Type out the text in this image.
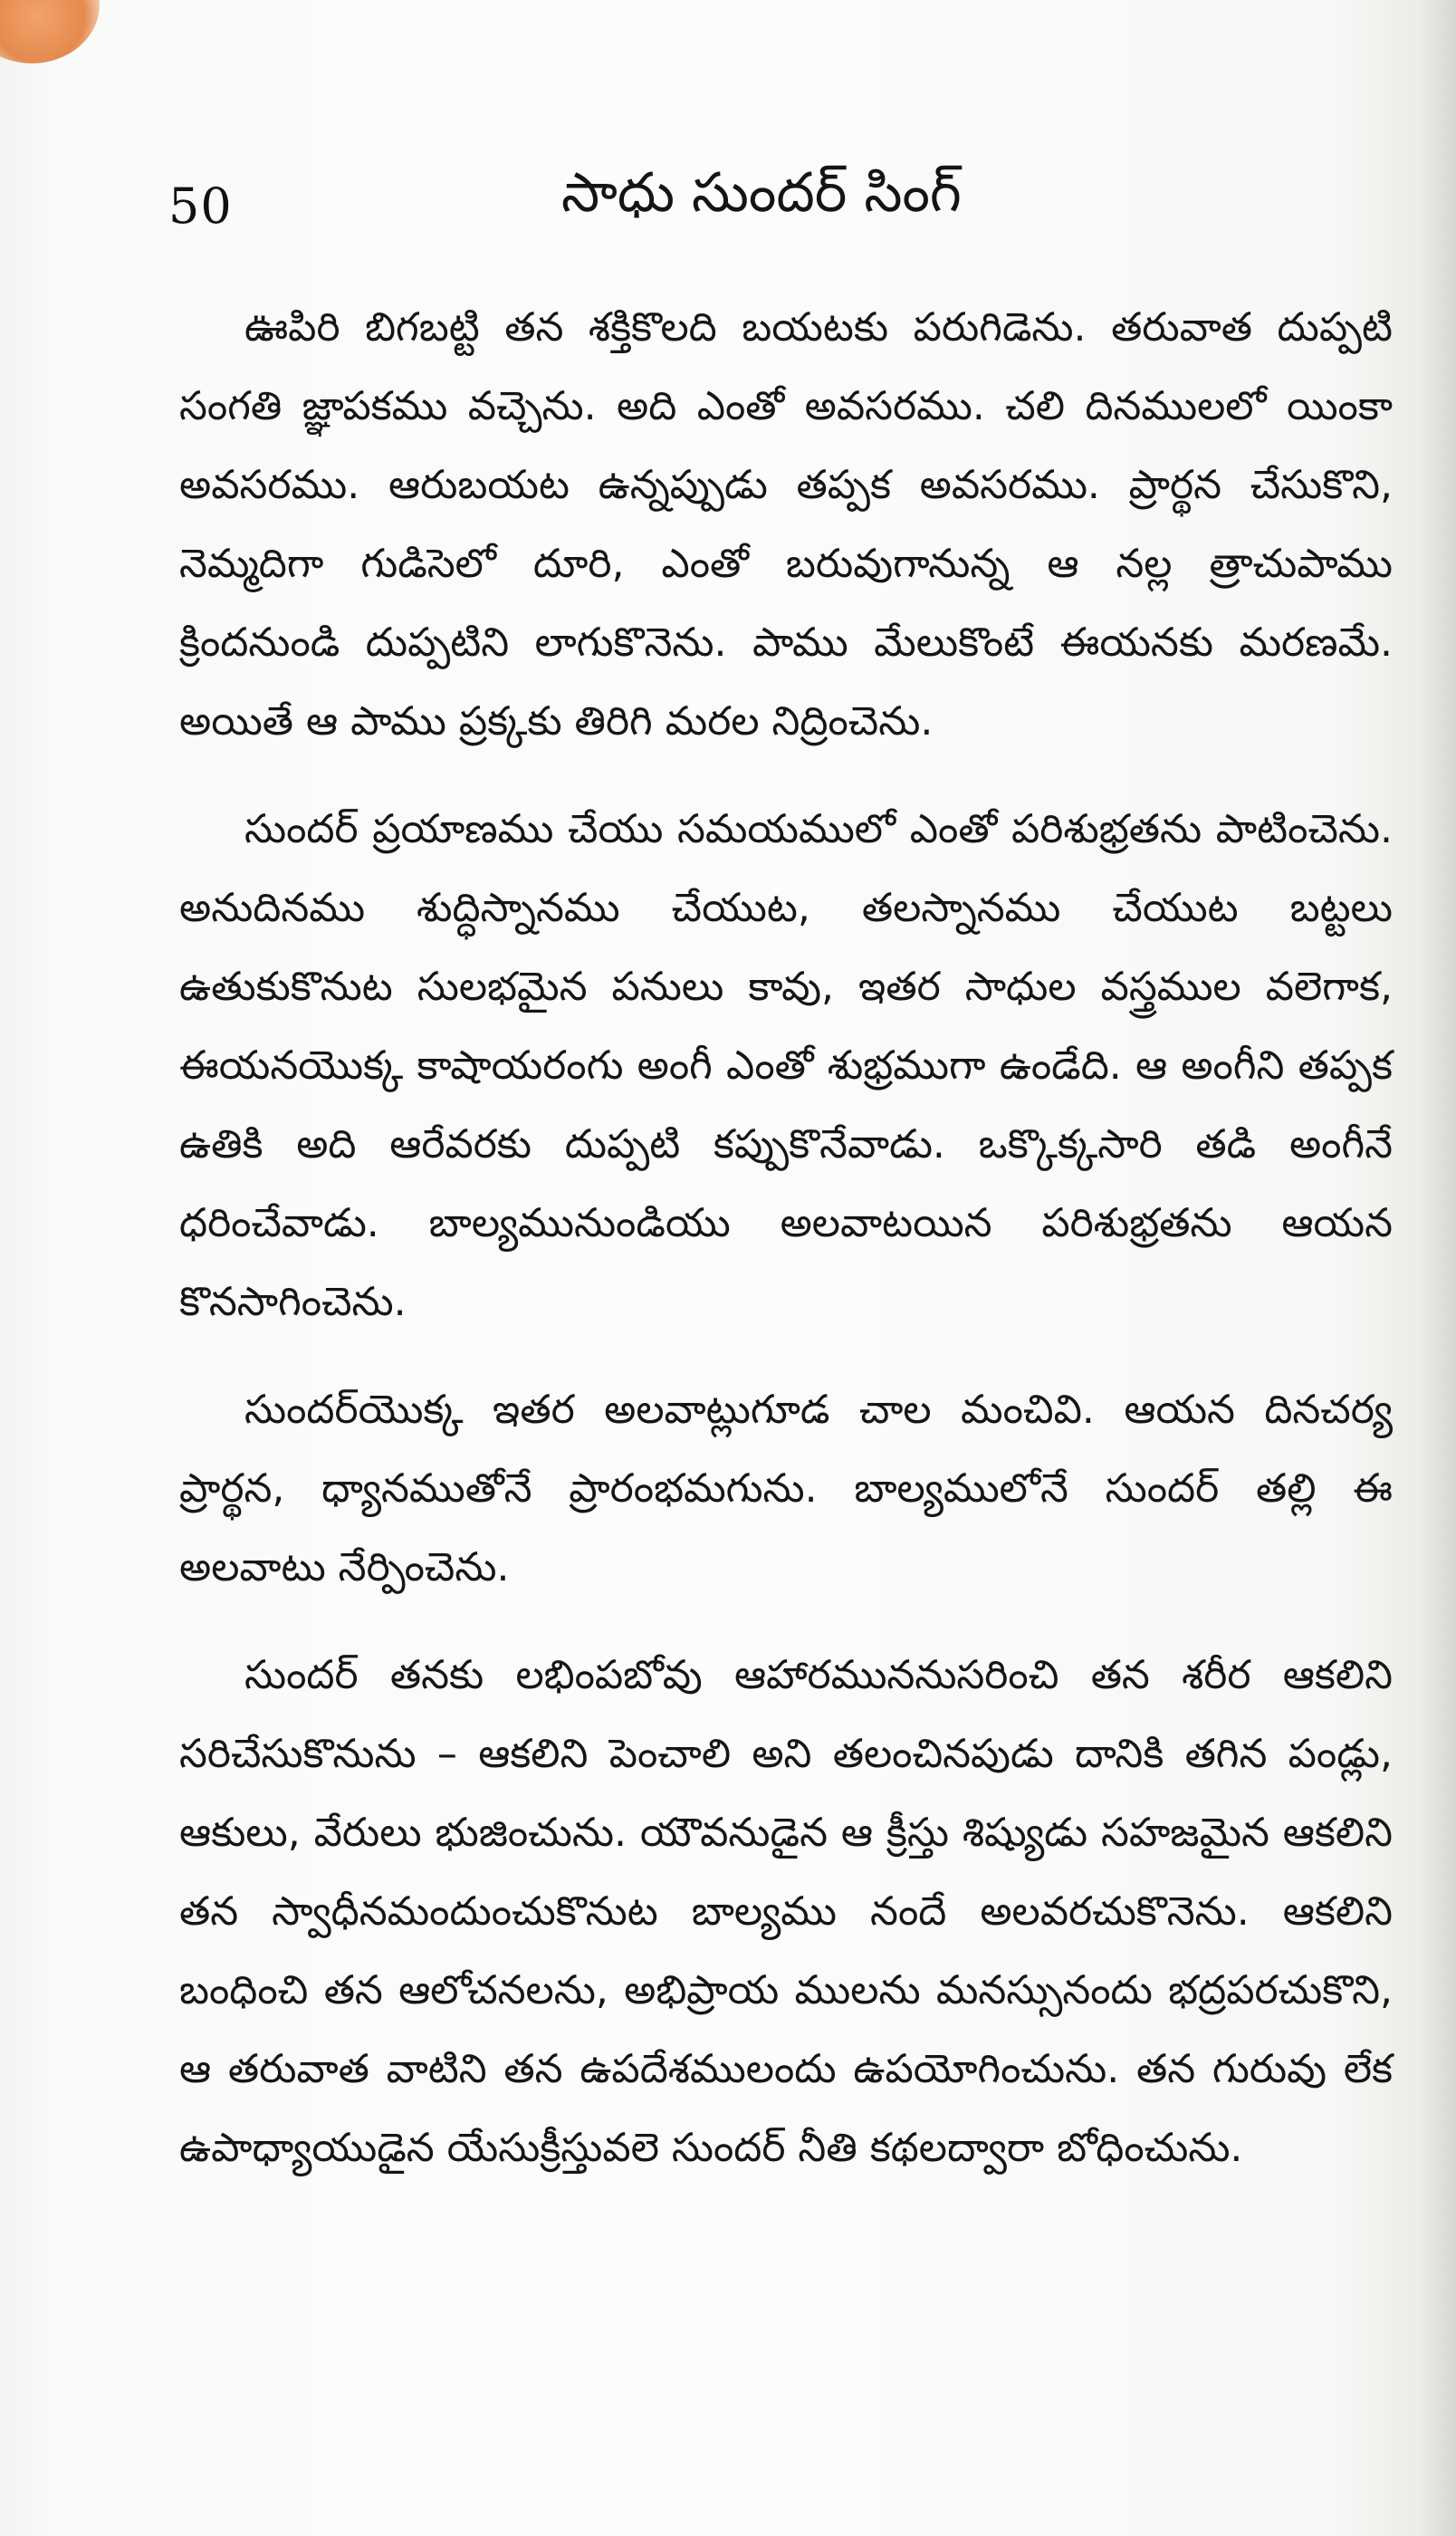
50	సాధు సుందర్ సింగ్

ఊపిరి బిగబట్టి తన శక్తికొలది బయటకు పరుగిడెను. తరువాత దుప్పటి సంగతి జ్ఞాపకము వచ్చెను. అది ఎంతో అవసరము. చలి దినములలో యింకా అవసరము. ఆరుబయట ఉన్నప్పుడు తప్పక అవసరము. ప్రార్థన చేసుకొని, నెమ్మదిగా గుడిసెలో దూరి, ఎంతో బరువుగానున్న ఆ నల్ల త్రాచుపాము క్రిందనుండి దుప్పటిని లాగుకొనెను. పాము మేలుకొంటే ఈయనకు మరణమే. అయితే ఆ పాము ప్రక్కకు తిరిగి మరల నిద్రించెను.

సుందర్ ప్రయాణము చేయు సమయములో ఎంతో పరిశుభ్రతను పాటించెను. అనుదినము శుద్ధిస్నానము చేయుట, తలస్నానము చేయుట బట్టలు ఉతుకుకొనుట సులభమైన పనులు కావు, ఇతర సాధుల వస్త్రముల వలెగాక, ఈయనయొక్క కాషాయరంగు అంగీ ఎంతో శుభ్రముగా ఉండేది. ఆ అంగీని తప్పక ఉతికి అది ఆరేవరకు దుప్పటి కప్పుకొనేవాడు. ఒక్కొక్కసారి తడి అంగీనే ధరించేవాడు. బాల్యమునుండియు అలవాటయిన పరిశుభ్రతను ఆయన కొనసాగించెను.

సుందర్‌యొక్క ఇతర అలవాట్లుగూడ చాల మంచివి. ఆయన దినచర్య ప్రార్థన, ధ్యానముతోనే ప్రారంభమగును. బాల్యములోనే సుందర్ తల్లి ఈ అలవాటు నేర్పించెను.

సుందర్ తనకు లభింపబోవు ఆహారముననుసరించి తన శరీర ఆకలిని సరిచేసుకొనును – ఆకలిని పెంచాలి అని తలంచినపుడు దానికి తగిన పండ్లు, ఆకులు, వేరులు భుజించును. యౌవనుడైన ఆ క్రీస్తు శిష్యుడు సహజమైన ఆకలిని తన స్వాధీనమందుంచుకొనుట బాల్యము నందే అలవరచుకొనెను. ఆకలిని బంధించి తన ఆలోచనలను, అభిప్రాయ ములను మనస్సునందు భద్రపరచుకొని, ఆ తరువాత వాటిని తన ఉపదేశములందు ఉపయోగించును. తన గురువు లేక ఉపాధ్యాయుడైన యేసుక్రీస్తువలె సుందర్ నీతి కథలద్వారా బోధించును.
